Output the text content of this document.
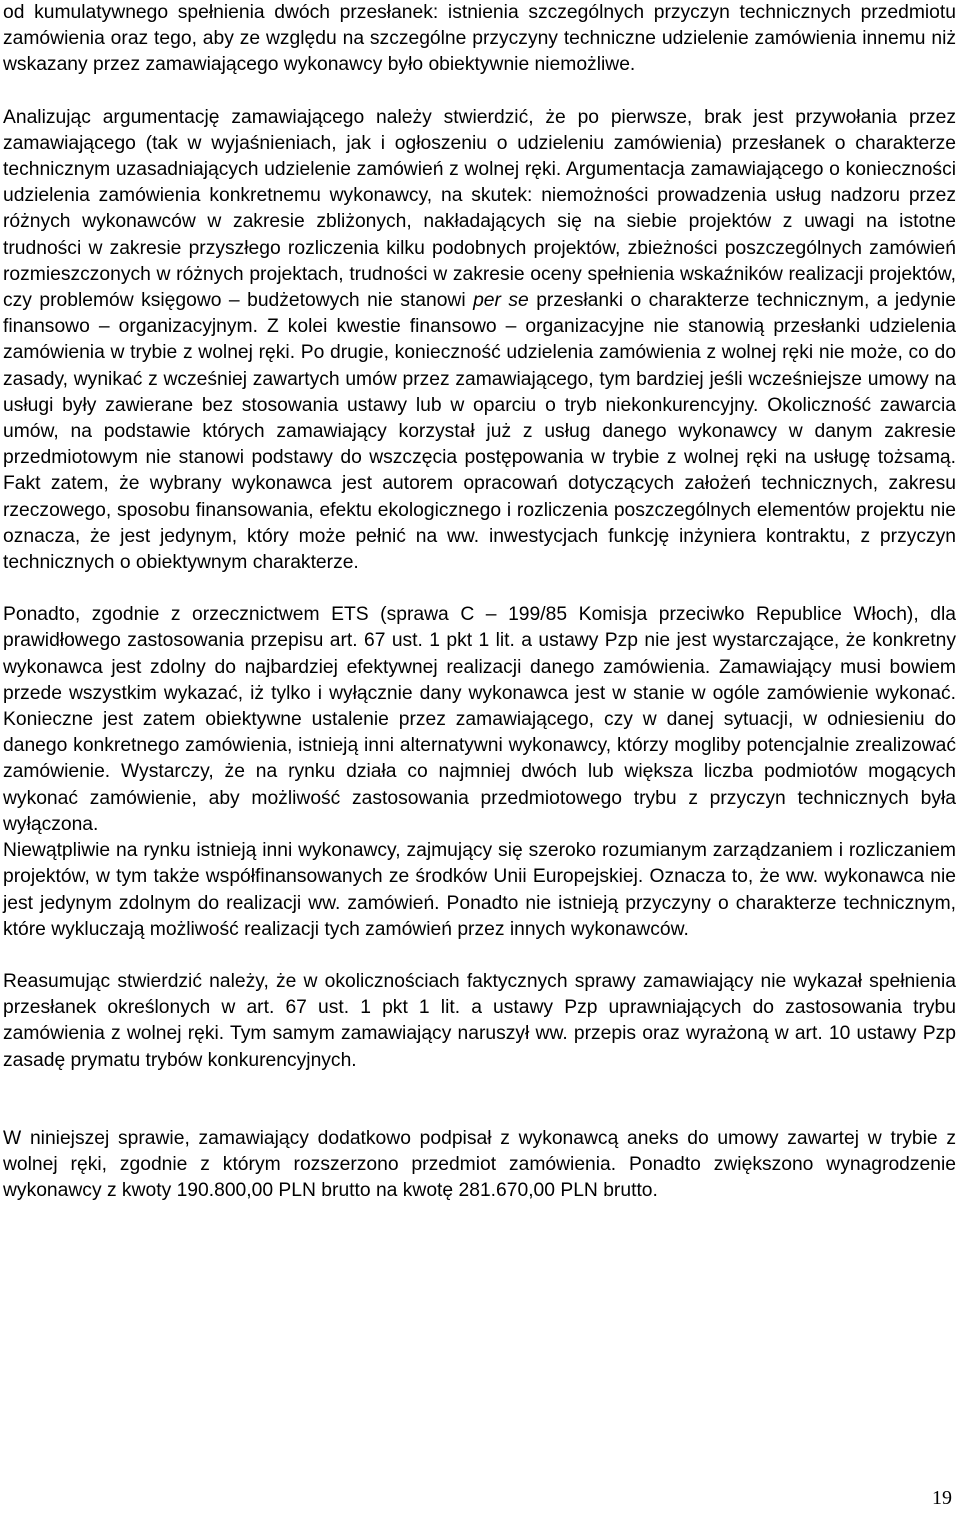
od kumulatywnego spełnienia dwóch przesłanek: istnienia szczególnych przyczyn technicznych przedmiotu zamówienia oraz tego, aby ze względu na szczególne przyczyny techniczne udzielenie zamówienia innemu niż wskazany przez zamawiającego wykonawcy było obiektywnie niemożliwe.

Analizując argumentację zamawiającego należy stwierdzić, że po pierwsze, brak jest przywołania przez zamawiającego (tak w wyjaśnieniach, jak i ogłoszeniu o udzieleniu zamówienia) przesłanek o charakterze technicznym uzasadniających udzielenie zamówień z wolnej ręki. Argumentacja zamawiającego o konieczności udzielenia zamówienia konkretnemu wykonawcy, na skutek: niemożności prowadzenia usług nadzoru przez różnych wykonawców w zakresie zbliżonych, nakładających się na siebie projektów z uwagi na istotne trudności w zakresie przyszłego rozliczenia kilku podobnych projektów, zbieżności poszczególnych zamówień rozmieszczonych w różnych projektach, trudności w zakresie oceny spełnienia wskaźników realizacji projektów, czy problemów księgowo – budżetowych nie stanowi per se przesłanki o charakterze technicznym, a jedynie finansowo – organizacyjnym. Z kolei kwestie finansowo – organizacyjne nie stanowią przesłanki udzielenia zamówienia w trybie z wolnej ręki. Po drugie, konieczność udzielenia zamówienia z wolnej ręki nie może, co do zasady, wynikać z wcześniej zawartych umów przez zamawiającego, tym bardziej jeśli wcześniejsze umowy na usługi były zawierane bez stosowania ustawy lub w oparciu o tryb niekonkurencyjny. Okoliczność zawarcia umów, na podstawie których zamawiający korzystał już z usług danego wykonawcy w danym zakresie przedmiotowym nie stanowi podstawy do wszczęcia postępowania w trybie z wolnej ręki na usługę tożsamą. Fakt zatem, że wybrany wykonawca jest autorem opracowań dotyczących założeń technicznych, zakresu rzeczowego, sposobu finansowania, efektu ekologicznego i rozliczenia poszczególnych elementów projektu nie oznacza, że jest jedynym, który może pełnić na ww. inwestycjach funkcję inżyniera kontraktu, z przyczyn technicznych o obiektywnym charakterze.

Ponadto, zgodnie z orzecznictwem ETS (sprawa C – 199/85 Komisja przeciwko Republice Włoch), dla prawidłowego zastosowania przepisu art. 67 ust. 1 pkt 1 lit. a ustawy Pzp nie jest wystarczające, że konkretny wykonawca jest zdolny do najbardziej efektywnej realizacji danego zamówienia. Zamawiający musi bowiem przede wszystkim wykazać, iż tylko i wyłącznie dany wykonawca jest w stanie w ogóle zamówienie wykonać. Konieczne jest zatem obiektywne ustalenie przez zamawiającego, czy w danej sytuacji, w odniesieniu do danego konkretnego zamówienia, istnieją inni alternatywni wykonawcy, którzy mogliby potencjalnie zrealizować zamówienie. Wystarczy, że na rynku działa co najmniej dwóch lub większa liczba podmiotów mogących wykonać zamówienie, aby możliwość zastosowania przedmiotowego trybu z przyczyn technicznych była wyłączona.

Niewątpliwie na rynku istnieją inni wykonawcy, zajmujący się szeroko rozumianym zarządzaniem i rozliczaniem projektów, w tym także współfinansowanych ze środków Unii Europejskiej. Oznacza to, że ww. wykonawca nie jest jedynym zdolnym do realizacji ww. zamówień. Ponadto nie istnieją przyczyny o charakterze technicznym, które wykluczają możliwość realizacji tych zamówień przez innych wykonawców.

Reasumując stwierdzić należy, że w okolicznościach faktycznych sprawy zamawiający nie wykazał spełnienia przesłanek określonych w art. 67 ust. 1 pkt 1 lit. a ustawy Pzp uprawniających do zastosowania trybu zamówienia z wolnej ręki. Tym samym zamawiający naruszył ww. przepis oraz wyrażoną w art. 10 ustawy Pzp zasadę prymatu trybów konkurencyjnych.

W niniejszej sprawie, zamawiający dodatkowo podpisał z wykonawcą aneks do umowy zawartej w trybie z wolnej ręki, zgodnie z którym rozszerzono przedmiot zamówienia. Ponadto zwiększono wynagrodzenie wykonawcy z kwoty 190.800,00 PLN brutto na kwotę 281.670,00 PLN brutto.

19
